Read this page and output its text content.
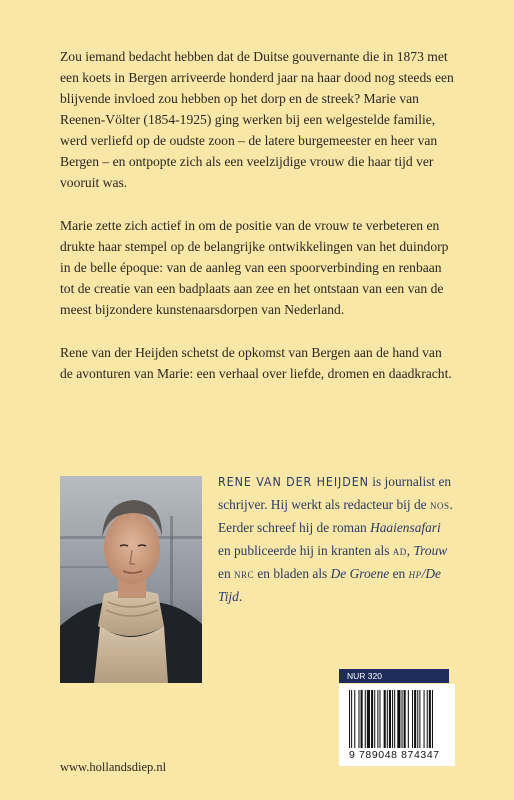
Zou iemand bedacht hebben dat de Duitse gouvernante die in 1873 met een koets in Bergen arriveerde honderd jaar na haar dood nog steeds een blijvende invloed zou hebben op het dorp en de streek? Marie van Reenen-Völter (1854-1925) ging werken bij een welgestelde familie, werd verliefd op de oudste zoon – de latere burgemeester en heer van Bergen – en ontpopte zich als een veelzijdige vrouw die haar tijd ver vooruit was.

Marie zette zich actief in om de positie van de vrouw te verbeteren en drukte haar stempel op de belangrijke ontwikkelingen van het duindorp in de belle époque: van de aanleg van een spoorverbinding en renbaan tot de creatie van een badplaats aan zee en het ontstaan van een van de meest bijzondere kunstenaarsdorpen van Nederland.

Rene van der Heijden schetst de opkomst van Bergen aan de hand van de avonturen van Marie: een verhaal over liefde, dromen en daadkracht.

RENE VAN DER HEIJDEN is journalist en schrijver. Hij werkt als redacteur bij de nos. Eerder schreef hij de roman Haaiensafari en publiceerde hij in kranten als ad, Trouw en nrc en bladen als De Groene en hp/De Tijd.
NUR 320
9 789048 874347
www.hollandsdiep.nl
